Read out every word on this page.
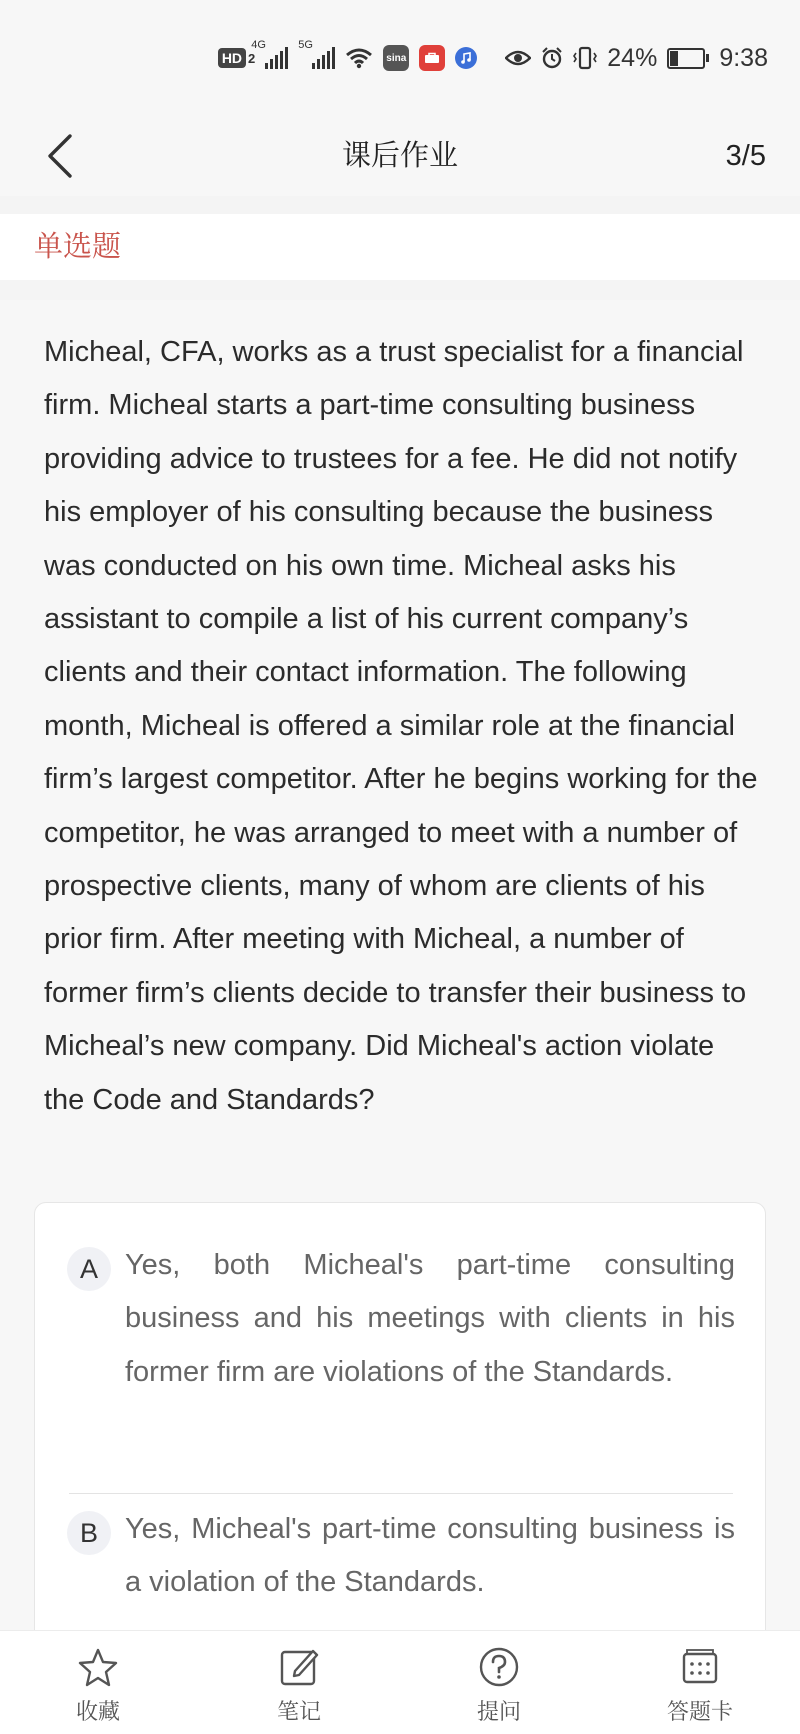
HD 2
4G	5G
sina	24% 9:38
课后作业	3/5
单选题
Micheal, CFA, works as a trust specialist for a financial firm. Micheal starts a part-time consulting business providing advice to trustees for a fee. He did not notify his employer of his consulting because the business was conducted on his own time. Micheal asks his assistant to compile a list of his current company’s clients and their contact information. The following month, Micheal is offered a similar role at the financial firm’s largest competitor. After he begins working for the competitor, he was arranged to meet with a number of prospective clients, many of whom are clients of his prior firm. After meeting with Micheal, a number of former firm’s clients decide to transfer their business to Micheal’s new company. Did Micheal's action violate the Code and Standards?
A Yes, both Micheal's part-time consulting business and his meetings with clients in his former firm are violations of the Standards.
B Yes, Micheal's part-time consulting business is a violation of the Standards.
收藏	笔记	提问	答题卡
